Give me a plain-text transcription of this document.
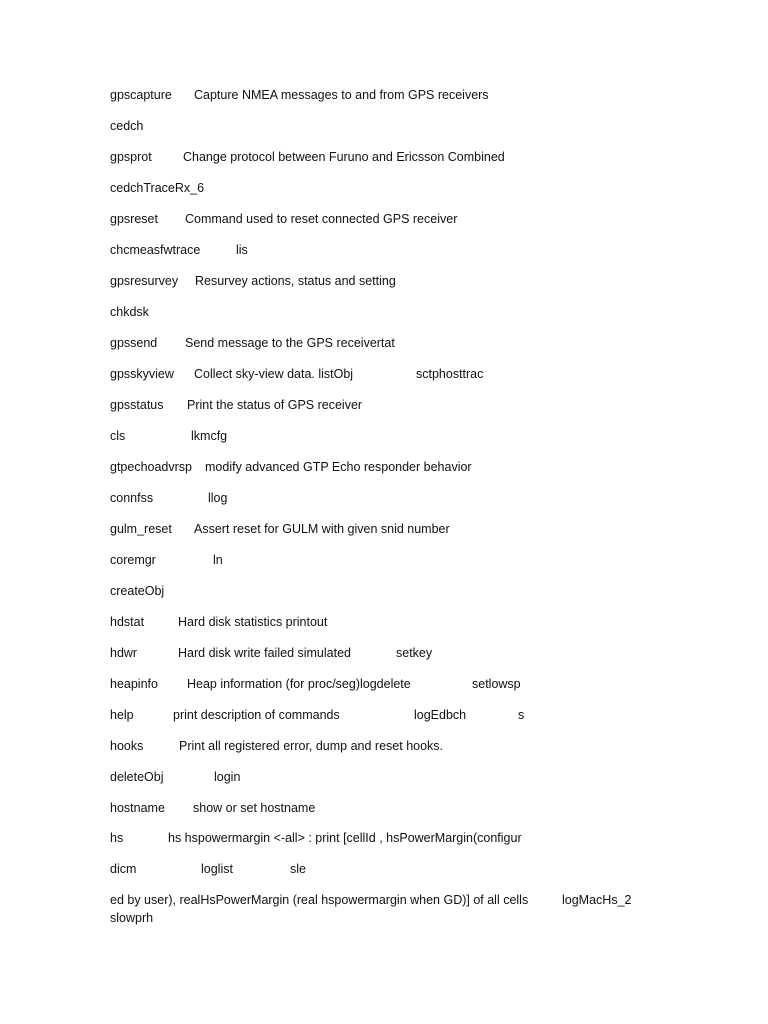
gpscapture Capture NMEA messages to and from GPS receivers
cedch
gpsprot	Change protocol between Furuno and Ericsson Combined
cedchTraceRx_6
gpsreset Command used to reset connected GPS receiver
chcmeasfwtrace	lis
gpsresurvey Resurvey actions, status and setting
chkdsk
gpssend Send message to the GPS receivertat
gpsskyview Collect sky-view data. listObj	sctphosttrac
gpsstatus Print the status of GPS receiver
cls	lkmcfg
gtpechoadvrsp modify advanced GTP Echo responder behavior
connfss	llog
gulm_reset Assert reset for GULM with given snid number
coremgr	ln
createObj
hdstat	Hard disk statistics printout
hdwr	Hard disk write failed simulated	setkey
heapinfo Heap information (for proc/seg)logdelete	setlowsp
help	print description of commands	logEdbch	s
hooks	Print all registered error, dump and reset hooks.
deleteObj	login
hostname show or set hostname
hs	hs hspowermargin <-all> : print [cellId , hsPowerMargin(configur
dicm	loglist	sle
ed by user), realHsPowerMargin (real hspowermargin when GD)] of all cells	logMacHs_2
slowprh
